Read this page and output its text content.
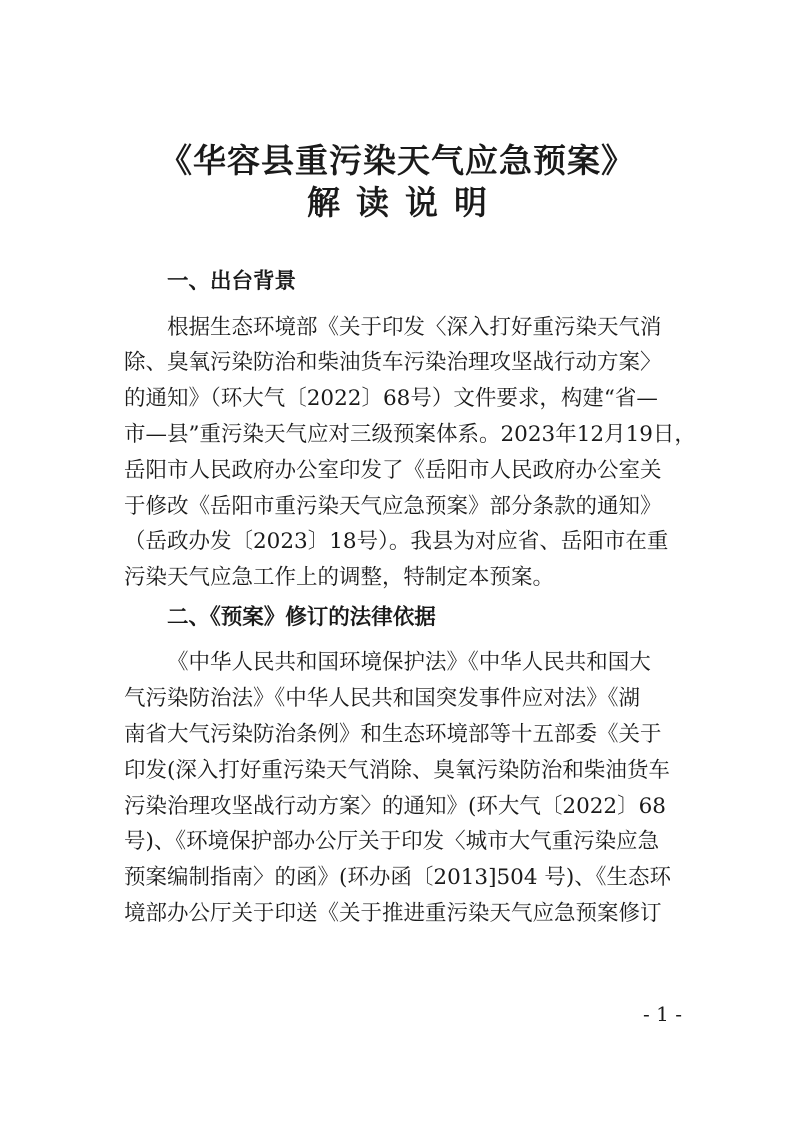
《华容县重污染天气应急预案》
解读说明
一、出台背景
根据生态环境部《关于印发〈深入打好重污染天气消
除、臭氧污染防治和柴油货车污染治理攻坚战行动方案〉
的通知》（环大气〔2022〕68号）文件要求，构建“省—
市—县”重污染天气应对三级预案体系。2023年12月19日，
岳阳市人民政府办公室印发了《岳阳市人民政府办公室关
于修改《岳阳市重污染天气应急预案》部分条款的通知》
（岳政办发〔2023〕18号）。我县为对应省、岳阳市在重
污染天气应急工作上的调整，特制定本预案。
二、《预案》修订的法律依据
《中华人民共和国环境保护法》《中华人民共和国大
气污染防治法》《中华人民共和国突发事件应对法》《湖
南省大气污染防治条例》和生态环境部等十五部委《关于
印发(深入打好重污染天气消除、臭氧污染防治和柴油货车
污染治理攻坚战行动方案〉的通知》(环大气〔2022〕68
号)、《环境保护部办公厅关于印发〈城市大气重污染应急
预案编制指南〉的函》(环办函〔2013]504 号)、《生态环
境部办公厅关于印送《关于推进重污染天气应急预案修订
- 1 -
